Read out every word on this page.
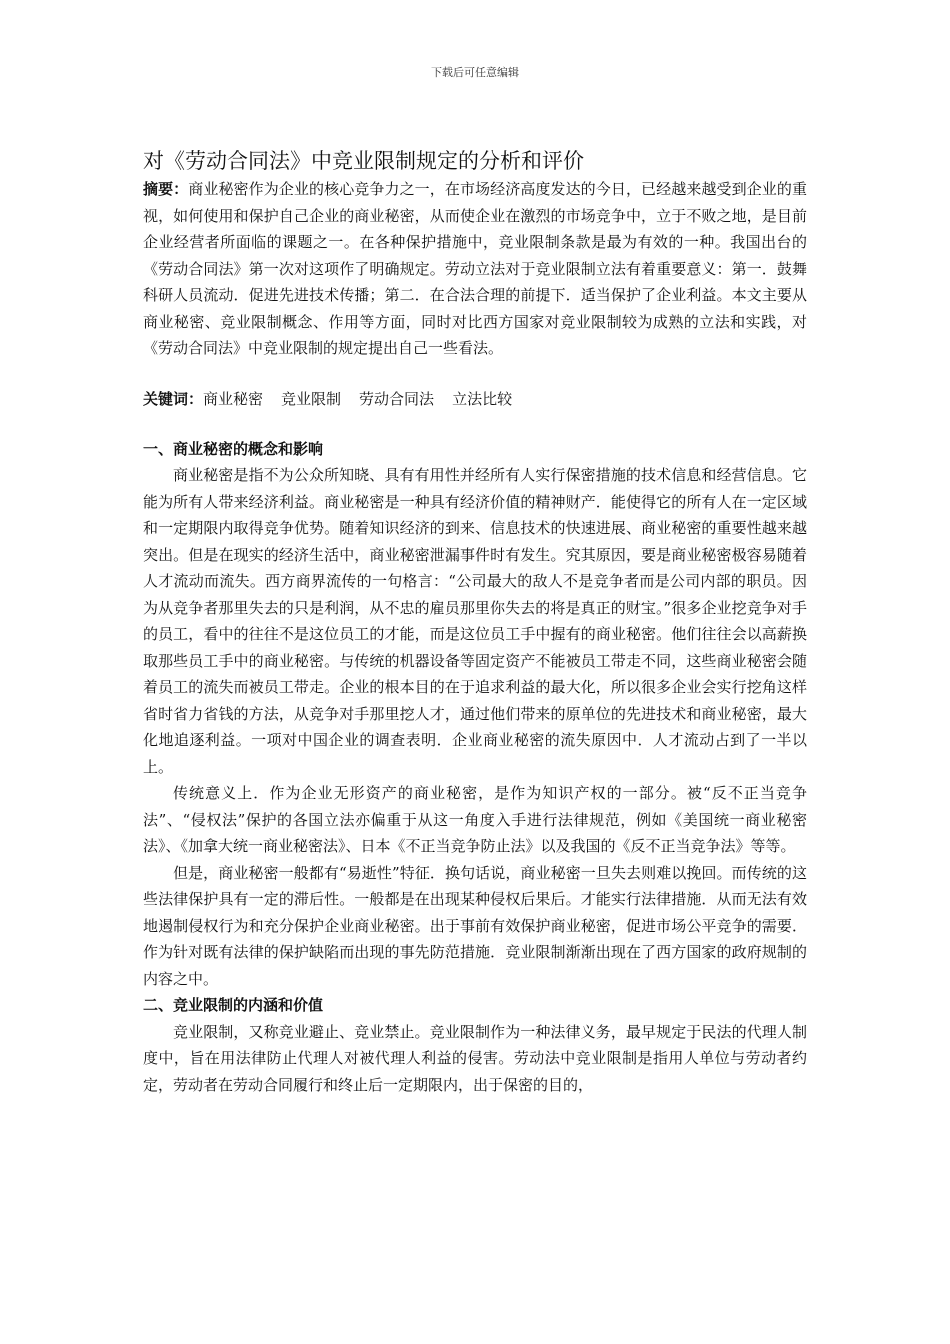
下载后可任意编辑
对《劳动合同法》中竞业限制规定的分析和评价

摘要：商业秘密作为企业的核心竞争力之一，在市场经济高度发达的今日，已经越来越受到企业的重视，如何使用和保护自己企业的商业秘密，从而使企业在激烈的市场竞争中，立于不败之地，是目前企业经营者所面临的课题之一。在各种保护措施中，竞业限制条款是最为有效的一种。我国出台的《劳动合同法》第一次对这项作了明确规定。劳动立法对于竞业限制立法有着重要意义：第一．鼓舞科研人员流动．促进先进技术传播；第二．在合法合理的前提下．适当保护了企业利益。本文主要从商业秘密、竞业限制概念、作用等方面，同时对比西方国家对竞业限制较为成熟的立法和实践，对《劳动合同法》中竞业限制的规定提出自己一些看法。

关键词：商业秘密 竞业限制 劳动合同法 立法比较

一、商业秘密的概念和影响

商业秘密是指不为公众所知晓、具有有用性并经所有人实行保密措施的技术信息和经营信息。它能为所有人带来经济利益。商业秘密是一种具有经济价值的精神财产．能使得它的所有人在一定区域和一定期限内取得竞争优势。随着知识经济的到来、信息技术的快速进展、商业秘密的重要性越来越突出。但是在现实的经济生活中，商业秘密泄漏事件时有发生。究其原因，要是商业秘密极容易随着人才流动而流失。西方商界流传的一句格言：“公司最大的敌人不是竞争者而是公司内部的职员。因为从竞争者那里失去的只是利润，从不忠的雇员那里你失去的将是真正的财宝。”很多企业挖竞争对手的员工，看中的往往不是这位员工的才能，而是这位员工手中握有的商业秘密。他们往往会以高薪换取那些员工手中的商业秘密。与传统的机器设备等固定资产不能被员工带走不同，这些商业秘密会随着员工的流失而被员工带走。企业的根本目的在于追求利益的最大化，所以很多企业会实行挖角这样省时省力省钱的方法，从竞争对手那里挖人才，通过他们带来的原单位的先进技术和商业秘密，最大化地追逐利益。一项对中国企业的调查表明．企业商业秘密的流失原因中．人才流动占到了一半以上。

传统意义上．作为企业无形资产的商业秘密，是作为知识产权的一部分。被“反不正当竞争法”、“侵权法”保护的各国立法亦偏重于从这一角度入手进行法律规范，例如《美国统一商业秘密法》、《加拿大统一商业秘密法》、日本《不正当竞争防止法》以及我国的《反不正当竞争法》等等。

但是，商业秘密一般都有“易逝性”特征．换句话说，商业秘密一旦失去则难以挽回。而传统的这些法律保护具有一定的滞后性。一般都是在出现某种侵权后果后。才能实行法律措施．从而无法有效地遏制侵权行为和充分保护企业商业秘密。出于事前有效保护商业秘密，促进市场公平竞争的需要．作为针对既有法律的保护缺陷而出现的事先防范措施．竞业限制渐渐出现在了西方国家的政府规制的内容之中。

二、竞业限制的内涵和价值

竞业限制，又称竞业避止、竞业禁止。竞业限制作为一种法律义务，最早规定于民法的代理人制度中，旨在用法律防止代理人对被代理人利益的侵害。劳动法中竞业限制是指用人单位与劳动者约定，劳动者在劳动合同履行和终止后一定期限内，出于保密的目的，
